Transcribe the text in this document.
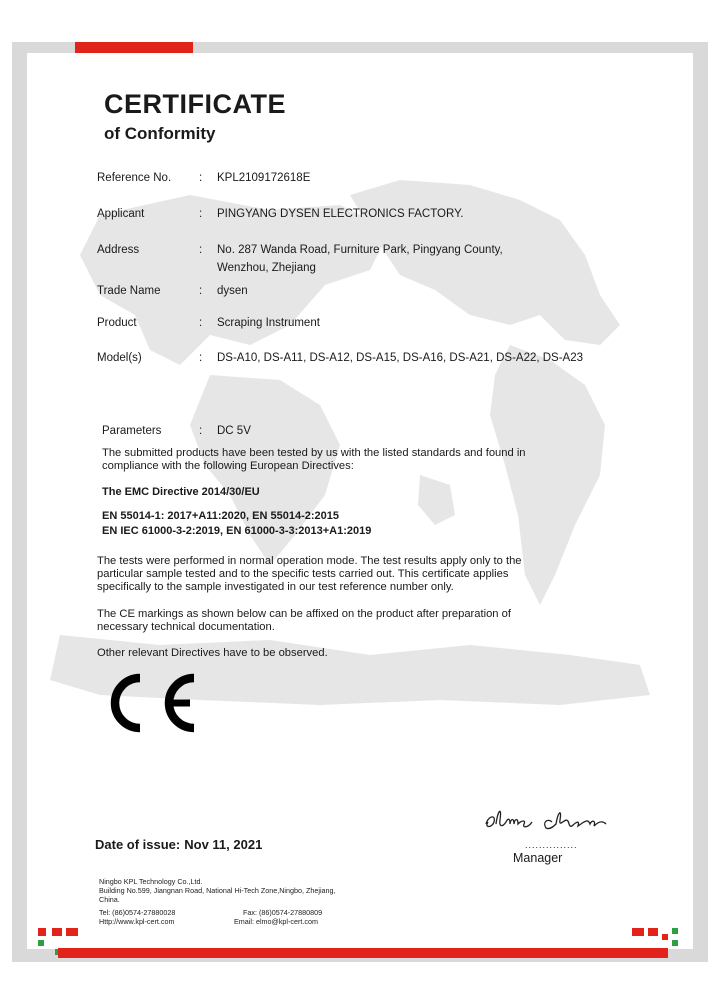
CERTIFICATE
of Conformity
Reference No. : KPL2109172618E
Applicant	: PINGYANG DYSEN ELECTRONICS FACTORY.
Address	: No. 287 Wanda Road, Furniture Park, Pingyang County,
Wenzhou, Zhejiang
Trade Name	: dysen
Product	: Scraping Instrument
Model(s)	: DS-A10, DS-A11, DS-A12, DS-A15, DS-A16, DS-A21, DS-A22, DS-A23
Parameters	: DC 5V
The submitted products have been tested by us with the listed standards and found in
compliance with the following European Directives:
The EMC Directive 2014/30/EU
EN 55014-1: 2017+A11:2020, EN 55014-2:2015
EN IEC 61000-3-2:2019, EN 61000-3-3:2013+A1:2019
The tests were performed in normal operation mode. The test results apply only to the
particular sample tested and to the specific tests carried out. This certificate applies
specifically to the sample investigated in our test reference number only.
The CE markings as shown below can be affixed on the product after preparation of
necessary technical documentation.
Other relevant Directives have to be observed.
...............
Manager
Date of issue: Nov 11, 2021
Ningbo KPL Technology Co.,Ltd.
Building No.599, Jiangnan Road, National Hi-Tech Zone,Ningbo, Zhejiang,
China.
Tel: (86)0574-27880028	Fax: (86)0574-27880809
Http://www.kpl-cert.com	Email: elmo@kpl-cert.com
